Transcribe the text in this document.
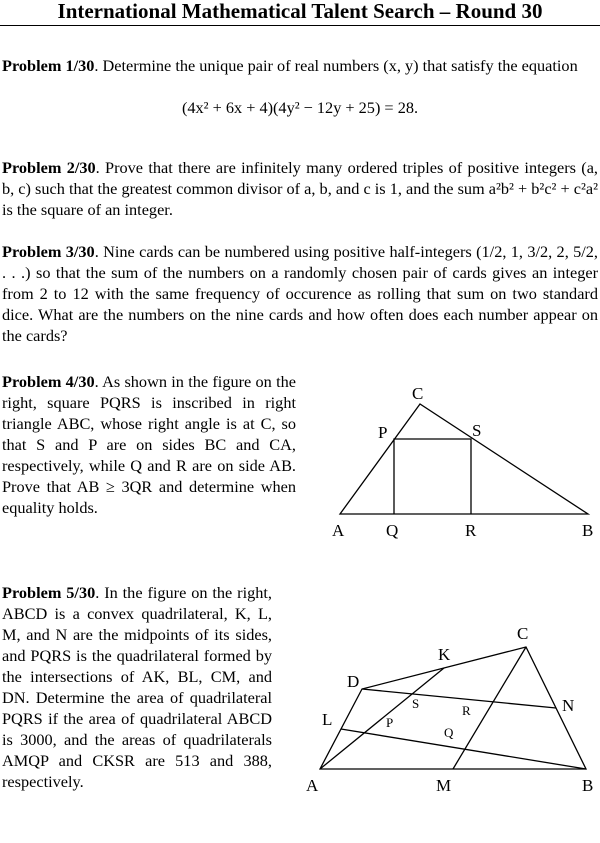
International Mathematical Talent Search – Round 30

Problem 1/30. Determine the unique pair of real numbers (x, y) that satisfy the equation

(4x² + 6x + 4)(4y² − 12y + 25) = 28.

Problem 2/30. Prove that there are infinitely many ordered triples of positive integers (a, b, c) such that the greatest common divisor of a, b, and c is 1, and the sum a²b² + b²c² + c²a² is the square of an integer.

Problem 3/30. Nine cards can be numbered using positive half-integers (1/2, 1, 3/2, 2, 5/2, . . .) so that the sum of the numbers on a randomly chosen pair of cards gives an integer from 2 to 12 with the same frequency of occurence as rolling that sum on two standard dice. What are the numbers on the nine cards and how often does each number appear on the cards?

Problem 4/30. As shown in the figure on the right, square PQRS is inscribed in right triangle ABC, whose right angle is at C, so that S and P are on sides BC and CA, respectively, while Q and R are on side AB. Prove that AB ≥ 3QR and determine when equality holds.

C
P	S
A Q	R	B

Problem 5/30. In the figure on the right, ABCD is a convex quadrilateral, K, L, M, and N are the midpoints of its sides, and PQRS is the quadrilateral formed by the intersections of AK, BL, CM, and DN. Determine the area of quadrilateral PQRS if the area of quadrilateral ABCD is 3000, and the areas of quadrilaterals AMQP and CKSR are 513 and 388, respectively.

C
K
D
N
L
A	M	B
S	R
P
Q
